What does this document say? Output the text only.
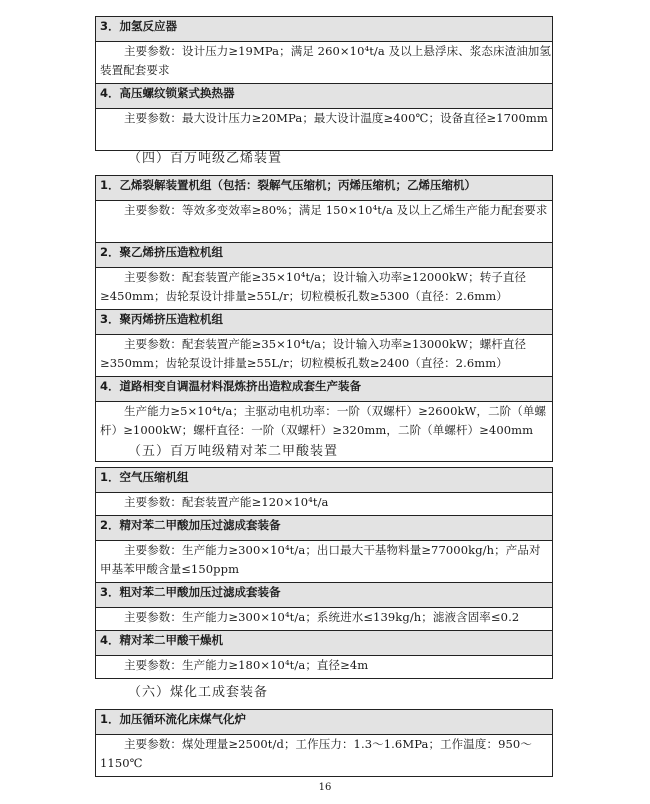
3．加氢反应器
主要参数：设计压力≥19MPa；满足 260×10⁴t/a 及以上悬浮床、浆态床渣油加氢装置配套要求
4．高压螺纹锁紧式换热器
主要参数：最大设计压力≥20MPa；最大设计温度≥400℃；设备直径≥1700mm
（四）百万吨级乙烯装置
1．乙烯裂解装置机组（包括：裂解气压缩机；丙烯压缩机；乙烯压缩机）
主要参数：等效多变效率≥80%；满足 150×10⁴t/a 及以上乙烯生产能力配套要求
2．聚乙烯挤压造粒机组
主要参数：配套装置产能≥35×10⁴t/a；设计输入功率≥12000kW；转子直径≥450mm；齿轮泵设计排量≥55L/r；切粒模板孔数≥5300（直径：2.6mm）
3．聚丙烯挤压造粒机组
主要参数：配套装置产能≥35×10⁴t/a；设计输入功率≥13000kW；螺杆直径≥350mm；齿轮泵设计排量≥55L/r；切粒模板孔数≥2400（直径：2.6mm）
4．道路相变自调温材料混炼挤出造粒成套生产装备
生产能力≥5×10⁴t/a；主驱动电机功率：一阶（双螺杆）≥2600kW，二阶（单螺杆）≥1000kW；螺杆直径：一阶（双螺杆）≥320mm，二阶（单螺杆）≥400mm
（五）百万吨级精对苯二甲酸装置
1．空气压缩机组
主要参数：配套装置产能≥120×10⁴t/a
2．精对苯二甲酸加压过滤成套装备
主要参数：生产能力≥300×10⁴t/a；出口最大干基物料量≥77000kg/h；产品对甲基苯甲酸含量≤150ppm
3．粗对苯二甲酸加压过滤成套装备
主要参数：生产能力≥300×10⁴t/a；系统进水≤139kg/h；滤液含固率≤0.2
4．精对苯二甲酸干燥机
主要参数：生产能力≥180×10⁴t/a；直径≥4m
（六）煤化工成套装备
1．加压循环流化床煤气化炉
主要参数：煤处理量≥2500t/d；工作压力：1.3～1.6MPa；工作温度：950～1150℃
16
